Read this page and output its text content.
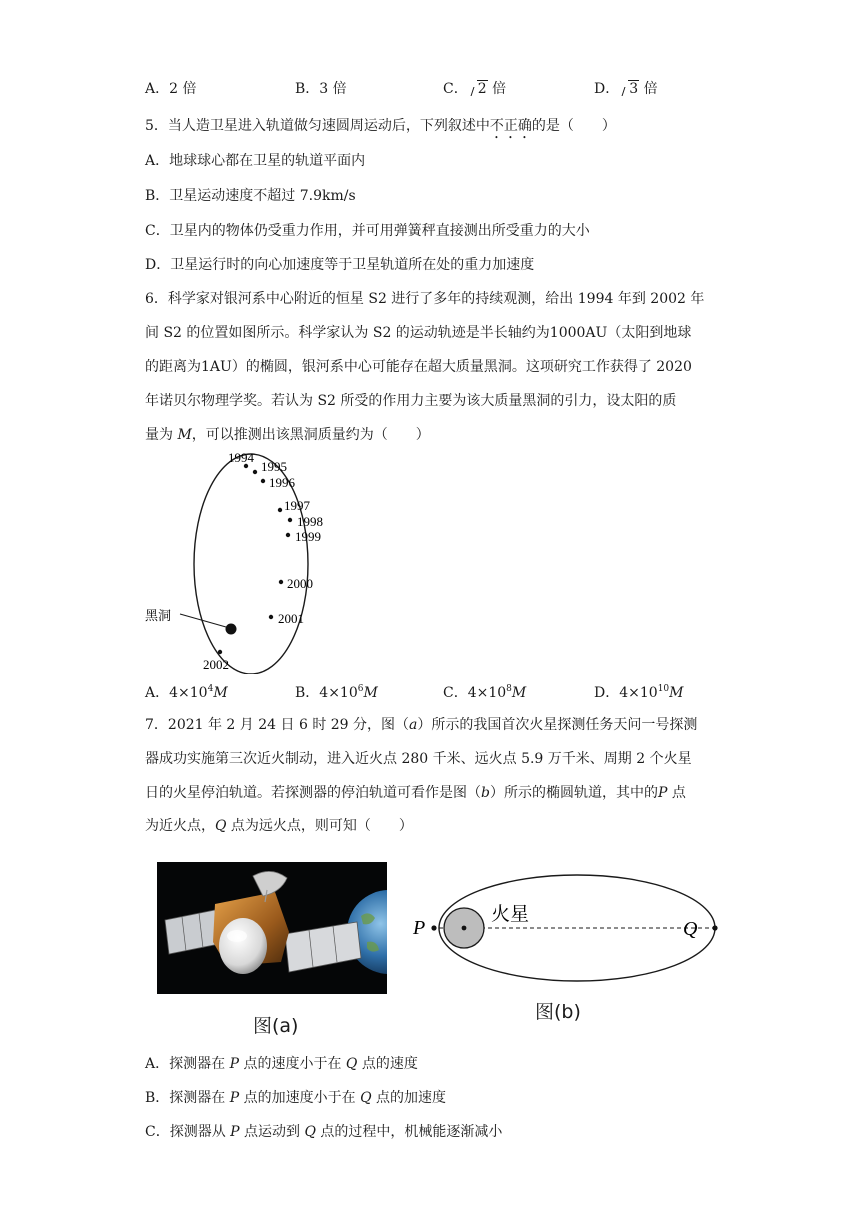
A．2 倍	B．3 倍	C． 2 倍	D． 3 倍
5．当人造卫星进入轨道做匀速圆周运动后，下列叙述中不正确的是（　　）
A．地球球心都在卫星的轨道平面内
B．卫星运动速度不超过 7.9km/s
C．卫星内的物体仍受重力作用，并可用弹簧秤直接测出所受重力的大小
D．卫星运行时的向心加速度等于卫星轨道所在处的重力加速度
6．科学家对银河系中心附近的恒星 S2 进行了多年的持续观测，给出 1994 年到 2002 年
间 S2 的位置如图所示。科学家认为 S2 的运动轨迹是半长轴约为1000AU（太阳到地球
的距离为1AU）的椭圆，银河系中心可能存在超大质量黑洞。这项研究工作获得了 2020
年诺贝尔物理学奖。若认为 S2 所受的作用力主要为该大质量黑洞的引力，设太阳的质
量为 M，可以推测出该黑洞质量约为（　　）
1994
1995
1996
1997
1998
1999
2000
2001
2002
黑洞
A．$4\times 10^4M$	B．$4\times 10^6M$	C．$4\times 10^8M$	D．$4\times 10^{10}M$
7．2021 年 2 月 24 日 6 时 29 分，图（a）所示的我国首次火星探测任务天问一号探测
器成功实施第三次近火制动，进入近火点 280 千米、远火点 5.9 万千米、周期 2 个火星
日的火星停泊轨道。若探测器的停泊轨道可看作是图（b）所示的椭圆轨道，其中的P 点
为近火点，Q 点为远火点，则可知（　　）
图(a)
P	Q
火星
图(b)
A．探测器在 P 点的速度小于在 Q 点的速度
B．探测器在 P 点的加速度小于在 Q 点的加速度
C．探测器从 P 点运动到 Q 点的过程中，机械能逐渐减小
